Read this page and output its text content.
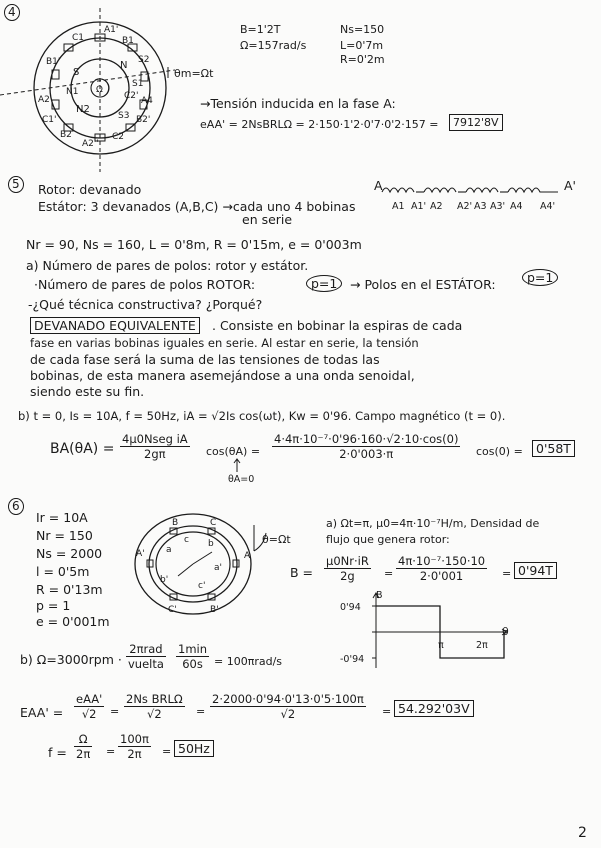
4
A1'
B1
C1
B1'	S2
S
N
Ω
S1
N1	C2' A4
A2
S3
N2
C1'	B2'
B2
A2''
C2
θm=Ωt
B=1'2T
Ω=157rad/s
Ns=150
L=0'7m
R=0'2m
→Tensión inducida en la fase A:
eAA' = 2NsBRLΩ = 2·150·1'2·0'7·0'2·157 =	7912'8V
5	Rotor: devanado
Estátor: 3 devanados (A,B,C) →cada uno 4 bobinas
en serie
A	A'
A1 A1' A2 A2' A3 A3' A4 A4'
Nr = 90, Ns = 160, L = 0'8m, R = 0'15m, e = 0'003m
a) Número de pares de polos: rotor y estátor.
·Número de pares de polos ROTOR:	p=1	→ Polos en el ESTÁTOR:	p=1
-¿Qué técnica constructiva? ¿Porqué?
DEVANADO EQUIVALENTE	. Consiste en bobinar la espiras de cada
fase en varias bobinas iguales en serie. Al estar en serie, la tensión
de cada fase será la suma de las tensiones de todas las
bobinas, de esta manera asemejándose a una onda senoidal,
siendo este su fin.
b) t = 0, Is = 10A, f = 50Hz, iA = √2Is cos(ωt), Kw = 0'96. Campo magnético (t = 0).
BA(θA) =
4μ0Nseg iA
2gπ	$\cos(\theta A) = \frac{\text{4·4π·10⁻⁷·0'96·160·√2·10·cos(0)}}{2\cdot 0'003\cdot\pi} \cos(0)$ =	0'58T
θA=0
6
Ir = 10A
Nr = 150
Ns = 2000
l = 0'5m
R = 0'13m
p = 1
e = 0'001m
B	C
A' a
c b
A
a'
b'
c'
C'	B'
θ=Ωt
a) Ωt=π, μ0=4π·10⁻⁷H/m, Densidad de
flujo que genera rotor:
$B = \frac{\mu 0Nr\cdot iR}{2g} = \frac{\text{4π·10⁻⁷·150·10}}{2\cdot 0'001} = 0'94T$
B
0'94
-0'94
π	2π
θ
b) Ω=3000rpm ·
2πrad
vuelta
1min
60s	= 100πrad/s
EAA' =
eAA'
√2	=
2Ns BRLΩ
√2	= $\frac{2\cdot 2000\cdot 0'94\cdot 0'13\cdot 0'5\cdot 100\pi}{√2} = 54.292'03V$
$f = \frac{\Omega}{2\pi} = \frac{100\pi}{2\pi} = 50Hz$
2
